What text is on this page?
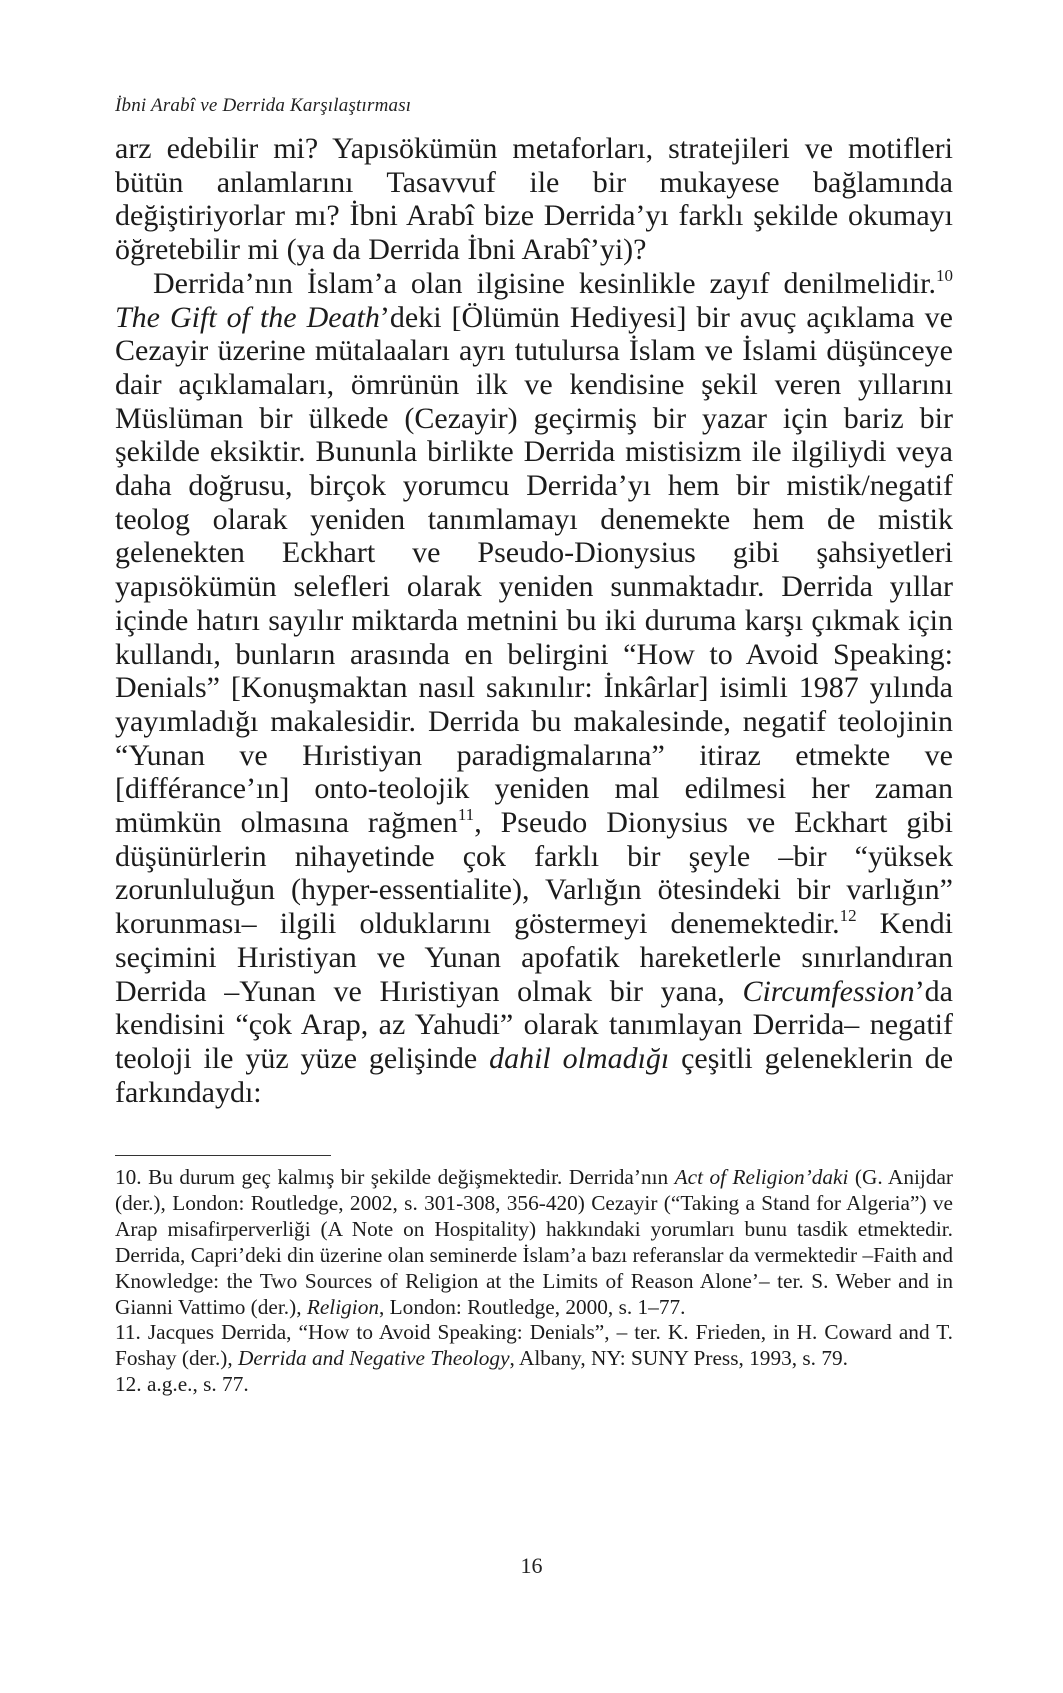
İbni Arabî ve Derrida Karşılaştırması

arz edebilir mi? Yapısökümün metaforları, stratejileri ve motifleri bütün anlamlarını Tasavvuf ile bir mukayese bağlamında değiştiriyorlar mı? İbni Arabî bize Derrida’yı farklı şekilde okumayı öğretebilir mi (ya da Derrida İbni Arabî’yi)?

Derrida’nın İslam’a olan ilgisine kesinlikle zayıf denilmelidir.$^{10}$ The Gift of the Death’deki [Ölümün Hediyesi] bir avuç açıklama ve Cezayir üzerine mütalaaları ayrı tutulursa İslam ve İslami düşünceye dair açıklamaları, ömrünün ilk ve kendisine şekil veren yıllarını Müslüman bir ülkede (Cezayir) geçirmiş bir yazar için bariz bir şekilde eksiktir. Bununla birlikte Derrida mistisizm ile ilgiliydi veya daha doğrusu, birçok yorumcu Derrida’yı hem bir mistik/negatif teolog olarak yeniden tanımlamayı denemekte hem de mistik gelenekten Eckhart ve Pseudo-Dionysius gibi şahsiyetleri yapısökümün selefleri olarak yeniden sunmaktadır. Derrida yıllar içinde hatırı sayılır miktarda metnini bu iki duruma karşı çıkmak için kullandı, bunların arasında en belirgini “How to Avoid Speaking: Denials” [Konuşmaktan nasıl sakınılır: İnkârlar] isimli 1987 yılında yayımladığı makalesidir. Derrida bu makalesinde, negatif teolojinin “Yunan ve Hıristiyan paradigmalarına” itiraz etmekte ve [différance’ın] onto-teolojik yeniden mal edilmesi her zaman mümkün olmasına rağmen$^{11}$, Pseudo Dionysius ve Eckhart gibi düşünürlerin nihayetinde çok farklı bir şeyle –bir “yüksek zorunluluğun (hyper-essentialite), Varlığın ötesindeki bir varlığın” korunması– ilgili olduklarını göstermeyi denemektedir.$^{12}$ Kendi seçimini Hıristiyan ve Yunan apofatik hareketlerle sınırlandıran Derrida –Yunan ve Hıristiyan olmak bir yana, Circumfession’da kendisini “çok Arap, az Yahudi” olarak tanımlayan Derrida– negatif teoloji ile yüz yüze gelişinde dahil olmadığı çeşitli geleneklerin de farkındaydı:

10. Bu durum geç kalmış bir şekilde değişmektedir. Derrida’nın Act of Religion’daki (G. Anijdar (der.), London: Routledge, 2002, s. 301-308, 356-420) Cezayir (“Taking a Stand for Algeria”) ve Arap misafirperverliği (A Note on Hospitality) hakkındaki yorumları bunu tasdik etmektedir. Derrida, Capri’deki din üzerine olan seminerde İslam’a bazı referanslar da vermektedir –Faith and Knowledge: the Two Sources of Religion at the Limits of Reason Alone’– ter. S. Weber and in Gianni Vattimo (der.), Religion, London: Routledge, 2000, s. 1–77.

11. Jacques Derrida, “How to Avoid Speaking: Denials”, – ter. K. Frieden, in H. Coward and T. Foshay (der.), Derrida and Negative Theology, Albany, NY: SUNY Press, 1993, s. 79.

12. a.g.e., s. 77.

16
